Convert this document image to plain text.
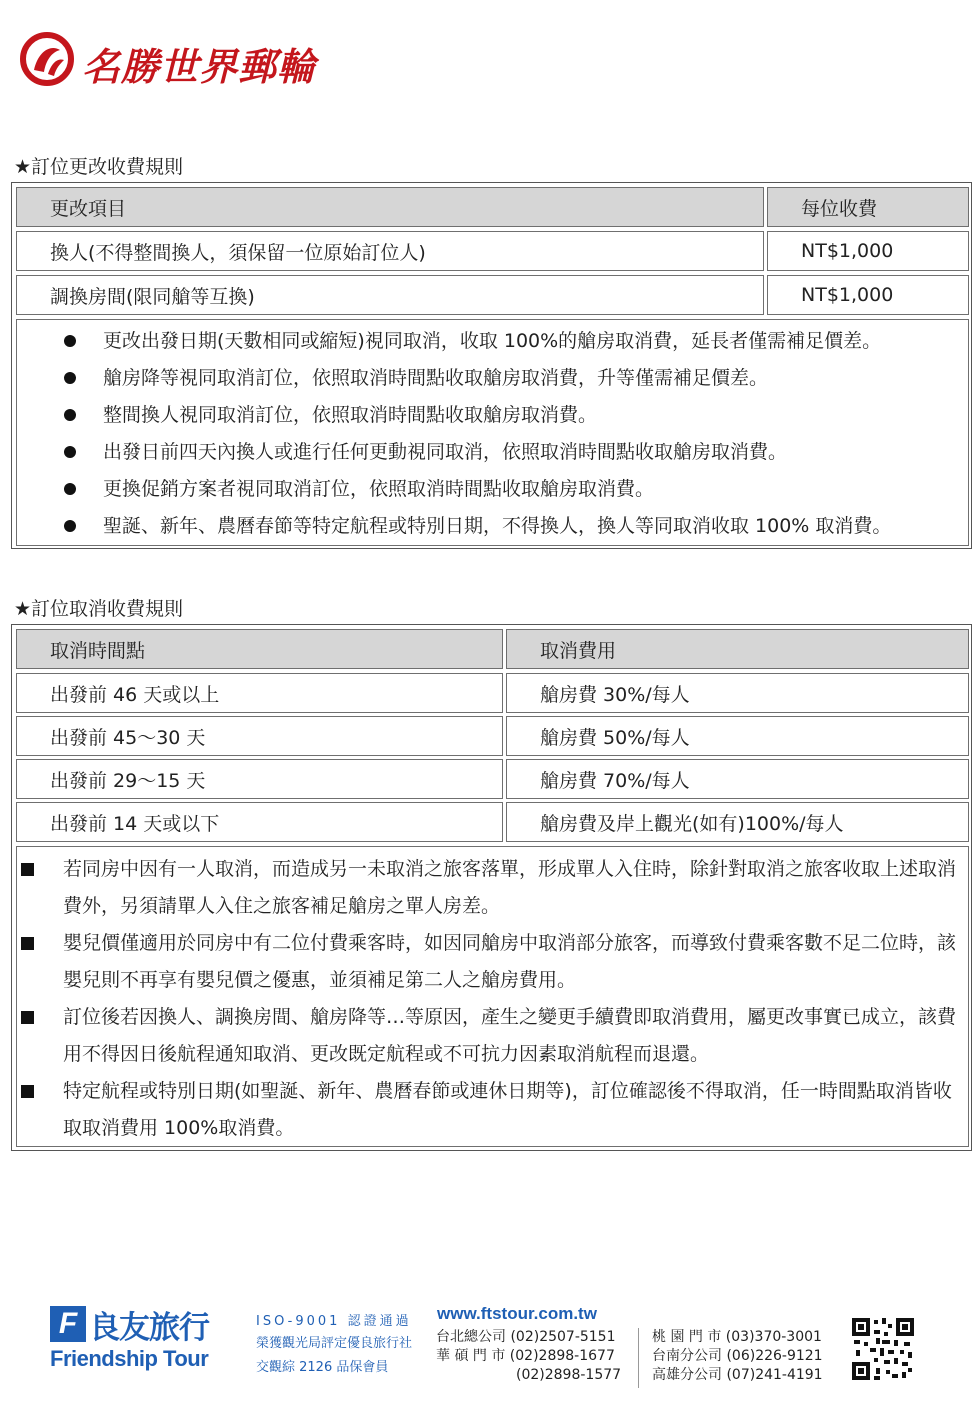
名勝世界郵輪
★訂位更改收費規則
更改項目	每位收費
換人(不得整間換人，須保留一位原始訂位人)	NT$1,000
調換房間(限同艙等互換)	NT$1,000
更改出發日期(天數相同或縮短)視同取消，收取 100%的艙房取消費，延長者僅需補足價差。
艙房降等視同取消訂位，依照取消時間點收取艙房取消費，升等僅需補足價差。
整間換人視同取消訂位，依照取消時間點收取艙房取消費。
出發日前四天內換人或進行任何更動視同取消，依照取消時間點收取艙房取消費。
更換促銷方案者視同取消訂位，依照取消時間點收取艙房取消費。
聖誕、新年、農曆春節等特定航程或特別日期，不得換人，換人等同取消收取 100% 取消費。
★訂位取消收費規則
取消時間點	取消費用
出發前 46 天或以上	艙房費 30%/每人
出發前 45～30 天	艙房費 50%/每人
出發前 29～15 天	艙房費 70%/每人
出發前 14 天或以下	艙房費及岸上觀光(如有)100%/每人
若同房中因有一人取消，而造成另一未取消之旅客落單，形成單人入住時，除針對取消之旅客收取上述取消費外，另須請單人入住之旅客補足艙房之單人房差。
嬰兒價僅適用於同房中有二位付費乘客時，如因同艙房中取消部分旅客，而導致付費乘客數不足二位時，該嬰兒則不再享有嬰兒價之優惠，並須補足第二人之艙房費用。
訂位後若因換人、調換房間、艙房降等…等原因，產生之變更手續費即取消費用，屬更改事實已成立，該費用不得因日後航程通知取消、更改既定航程或不可抗力因素取消航程而退還。
特定航程或特別日期(如聖誕、新年、農曆春節或連休日期等)，訂位確認後不得取消，任一時間點取消皆收取取消費用 100%取消費。
F 良友旅行
Friendship Tour
ISO-9001 認證通過
榮獲觀光局評定優良旅行社
交觀綜 2126 品保會員
www.ftstour.com.tw
台北總公司 (02)2507-5151
華 碩 門 市 (02)2898-1677
(02)2898-1577
桃 園 門 市 (03)370-3001
台南分公司 (06)226-9121
高雄分公司 (07)241-4191
